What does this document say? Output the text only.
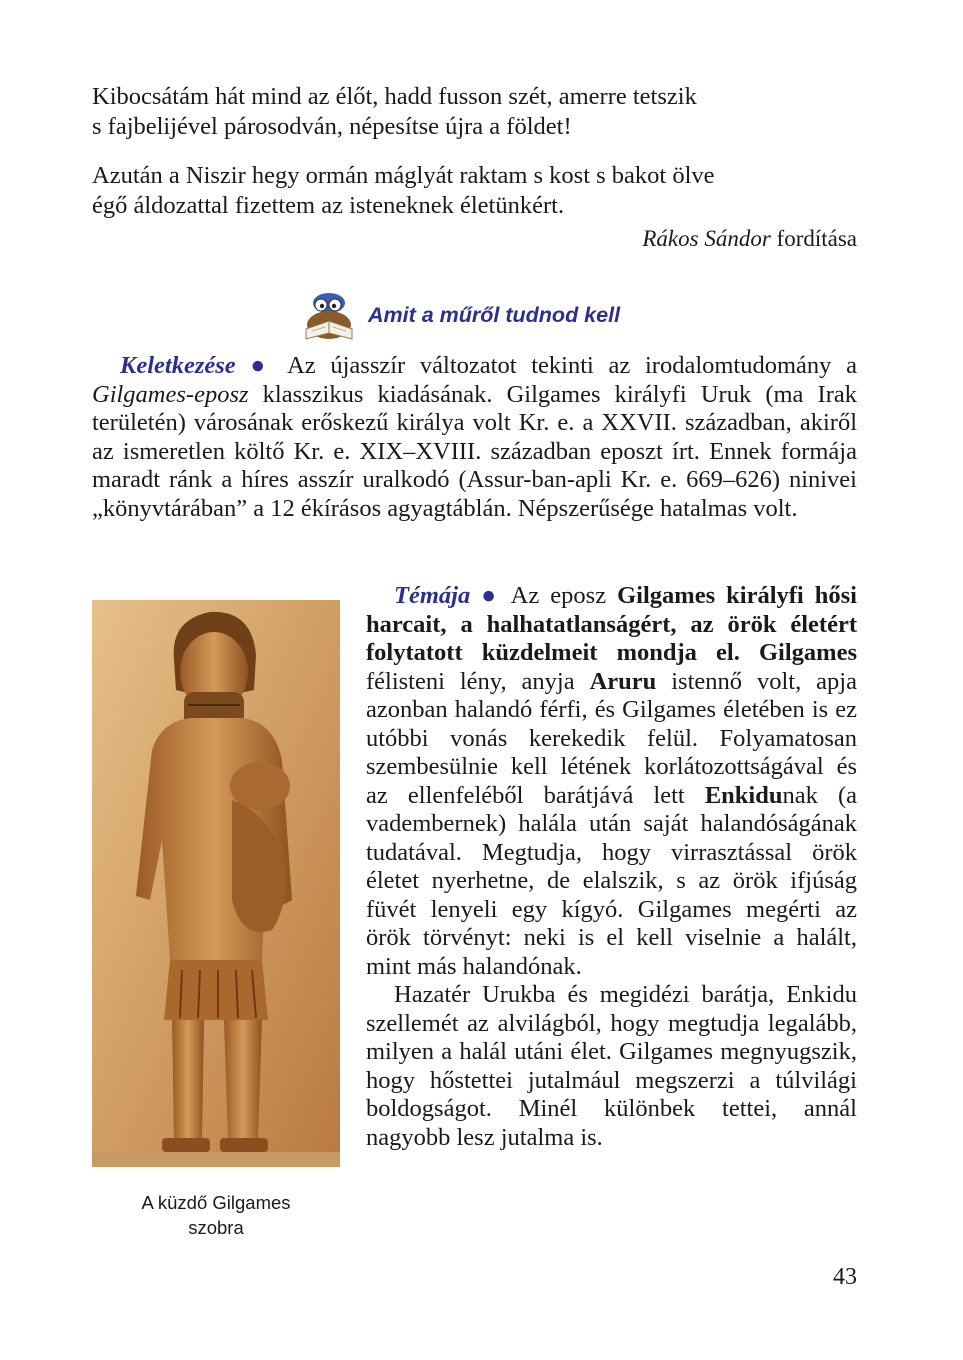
Kibocsátám hát mind az élőt, hadd fusson szét, amerre tetszik

s fajbelijével párosodván, népesítse újra a földet!

Azután a Niszir hegy ormán máglyát raktam s kost s bakot ölve

égő áldozattal fizettem az isteneknek életünkért.

Rákos Sándor fordítása
Amit a műről tudnod kell
Keletkezése ● Az újasszír változatot tekinti az irodalomtudomány a Gilgames-eposz klasszikus kiadásának. Gilgames királyfi Uruk (ma Irak területén) városának erőskezű királya volt Kr. e. a XXVII. században, akiről az ismeretlen költő Kr. e. XIX–XVIII. században eposzt írt. Ennek formája maradt ránk a híres asszír uralkodó (Assur-ban-apli Kr. e. 669–626) ninivei „könyvtárában” a 12 ékírásos agyagtáblán. Népszerűsége hatalmas volt.
A küzdő Gilgames
szobra

Témája ● Az eposz Gilgames királyfi hősi harcait, a halhatatlanságért, az örök életért folytatott küzdelmeit mondja el. Gilgames félisteni lény, anyja Aruru istennő volt, apja azonban halandó férfi, és Gilgames életében is ez utóbbi vonás kerekedik felül. Folyamatosan szembesülnie kell létének korlátozottságával és az ellenfeléből barátjává lett Enkidunak (a vadembernek) halála után saját halandóságának tudatával. Megtudja, hogy virrasztással örök életet nyerhetne, de elalszik, s az örök ifjúság füvét lenyeli egy kígyó. Gilgames megérti az örök törvényt: neki is el kell viselnie a halált, mint más halandónak.

Hazatér Urukba és megidézi barátja, Enkidu szellemét az alvilágból, hogy megtudja legalább, milyen a halál utáni élet. Gilgames megnyugszik, hogy hőstettei jutalmául megszerzi a túlvilági boldogságot. Minél különbek tettei, annál nagyobb lesz jutalma is.

43
